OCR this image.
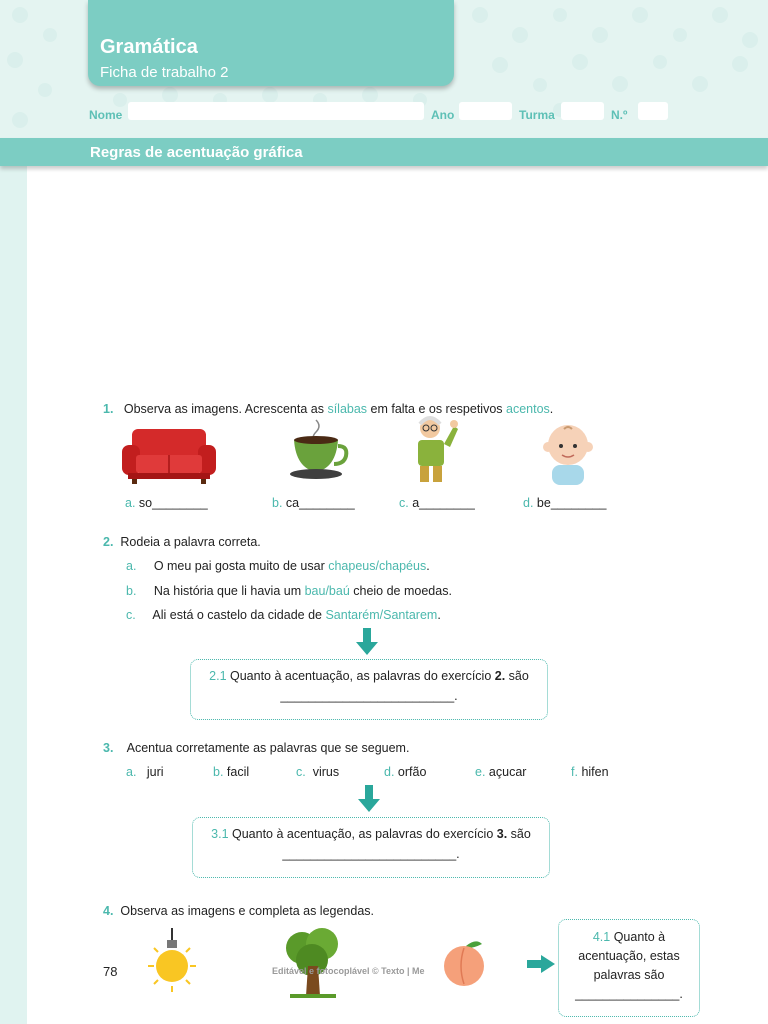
Gramática
Ficha de trabalho 2
Nome	Ano	Turma	N.º
Regras de acentuação gráfica
1. Observa as imagens. Acrescenta as sílabas em falta e os respetivos acentos.
a. so________	b. ca________	c. a________	d. be________
2. Rodeia a palavra correta.
a. O meu pai gosta muito de usar chapeus/chapéus.
b. Na história que li havia um bau/baú cheio de moedas.
c. Ali está o castelo da cidade de Santarém/Santarem.
2.1 Quanto à acentuação, as palavras do exercício 2. são
_________________________.
3. Acentua corretamente as palavras que se seguem.
a. juri	b. facil	c. virus	d. orfão	e. açucar	f. hifen
3.1 Quanto à acentuação, as palavras do exercício 3. são
_________________________.
4. Observa as imagens e completa as legendas.
4.1 Quanto à
acentuação, estas
palavras são
_______________.
78	Editável e fotocoplável © Texto | Me
